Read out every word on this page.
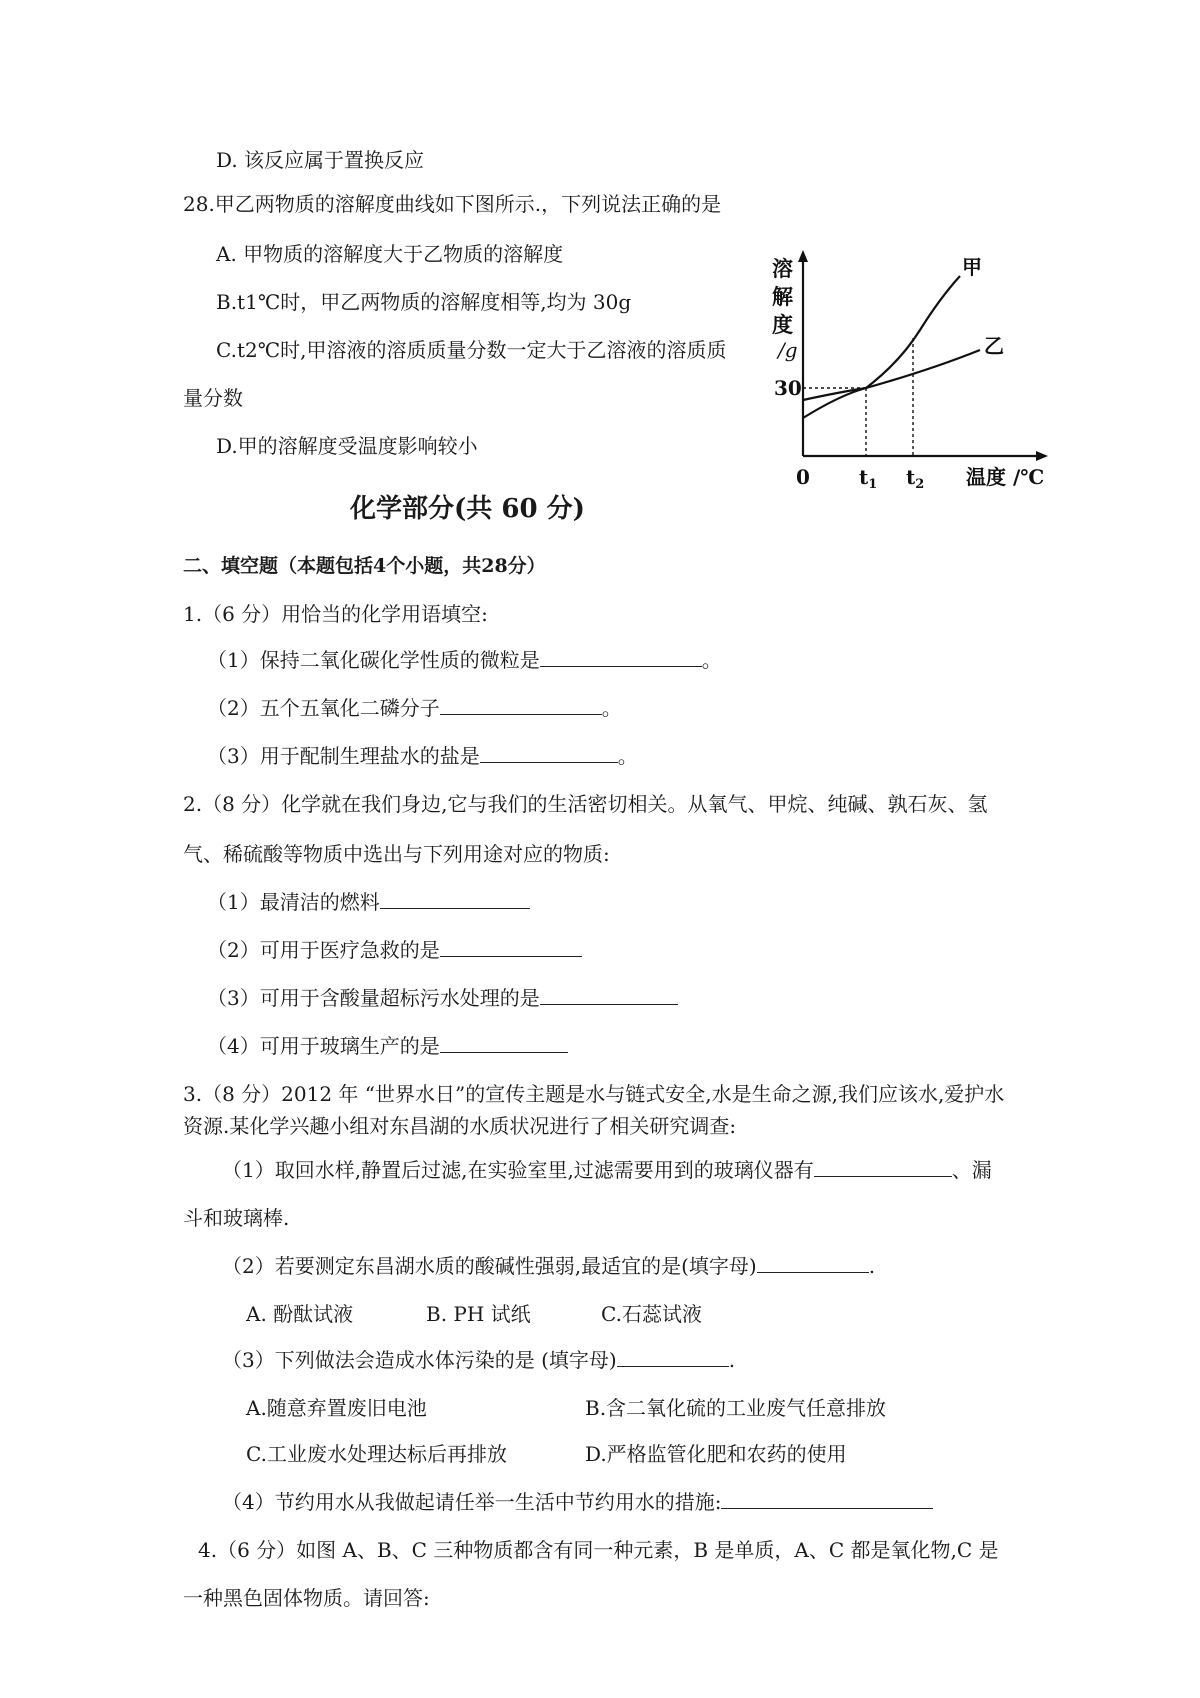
D. 该反应属于置换反应
28.甲乙两物质的溶解度曲线如下图所示.，下列说法正确的是
A. 甲物质的溶解度大于乙物质的溶解度
B.t1℃时，甲乙两物质的溶解度相等,均为 30g
C.t2℃时,甲溶液的溶质质量分数一定大于乙溶液的溶质质
量分数
D.甲的溶解度受温度影响较小
溶
解
度
/g
30
甲
乙
0 $t_1$ $t_2$ 温度 /℃
化学部分(共 60 分)
二、填空题（本题包括4个小题，共28分）
1.（6 分）用恰当的化学用语填空:
（1）保持二氧化碳化学性质的微粒是	。
（2）五个五氧化二磷分子	。
（3）用于配制生理盐水的盐是	。
2.（8 分）化学就在我们身边,它与我们的生活密切相关。从氧气、甲烷、纯碱、孰石灰、氢
气、稀硫酸等物质中选出与下列用途对应的物质:
（1）最清洁的燃料
（2）可用于医疗急救的是
（3）可用于含酸量超标污水处理的是
（4）可用于玻璃生产的是
3.（8 分）2012 年 “世界水日”的宣传主题是水与链式安全,水是生命之源,我们应该水,爱护水
资源.某化学兴趣小组对东昌湖的水质状况进行了相关研究调查:
（1）取回水样,静置后过滤,在实验室里,过滤需要用到的玻璃仪器有	、漏
斗和玻璃棒.
（2）若要测定东昌湖水质的酸碱性强弱,最适宜的是(填字母)	.
A. 酚酞试液	B. PH 试纸	C.石蕊试液
（3）下列做法会造成水体污染的是 (填字母)	.
A.随意弃置废旧电池	B.含二氧化硫的工业废气任意排放
C.工业废水处理达标后再排放	D.严格监管化肥和农药的使用
（4）节约用水从我做起请任举一生活中节约用水的措施:
4.（6 分）如图 A、B、C 三种物质都含有同一种元素，B 是单质，A、C 都是氧化物,C 是
一种黑色固体物质。请回答:
